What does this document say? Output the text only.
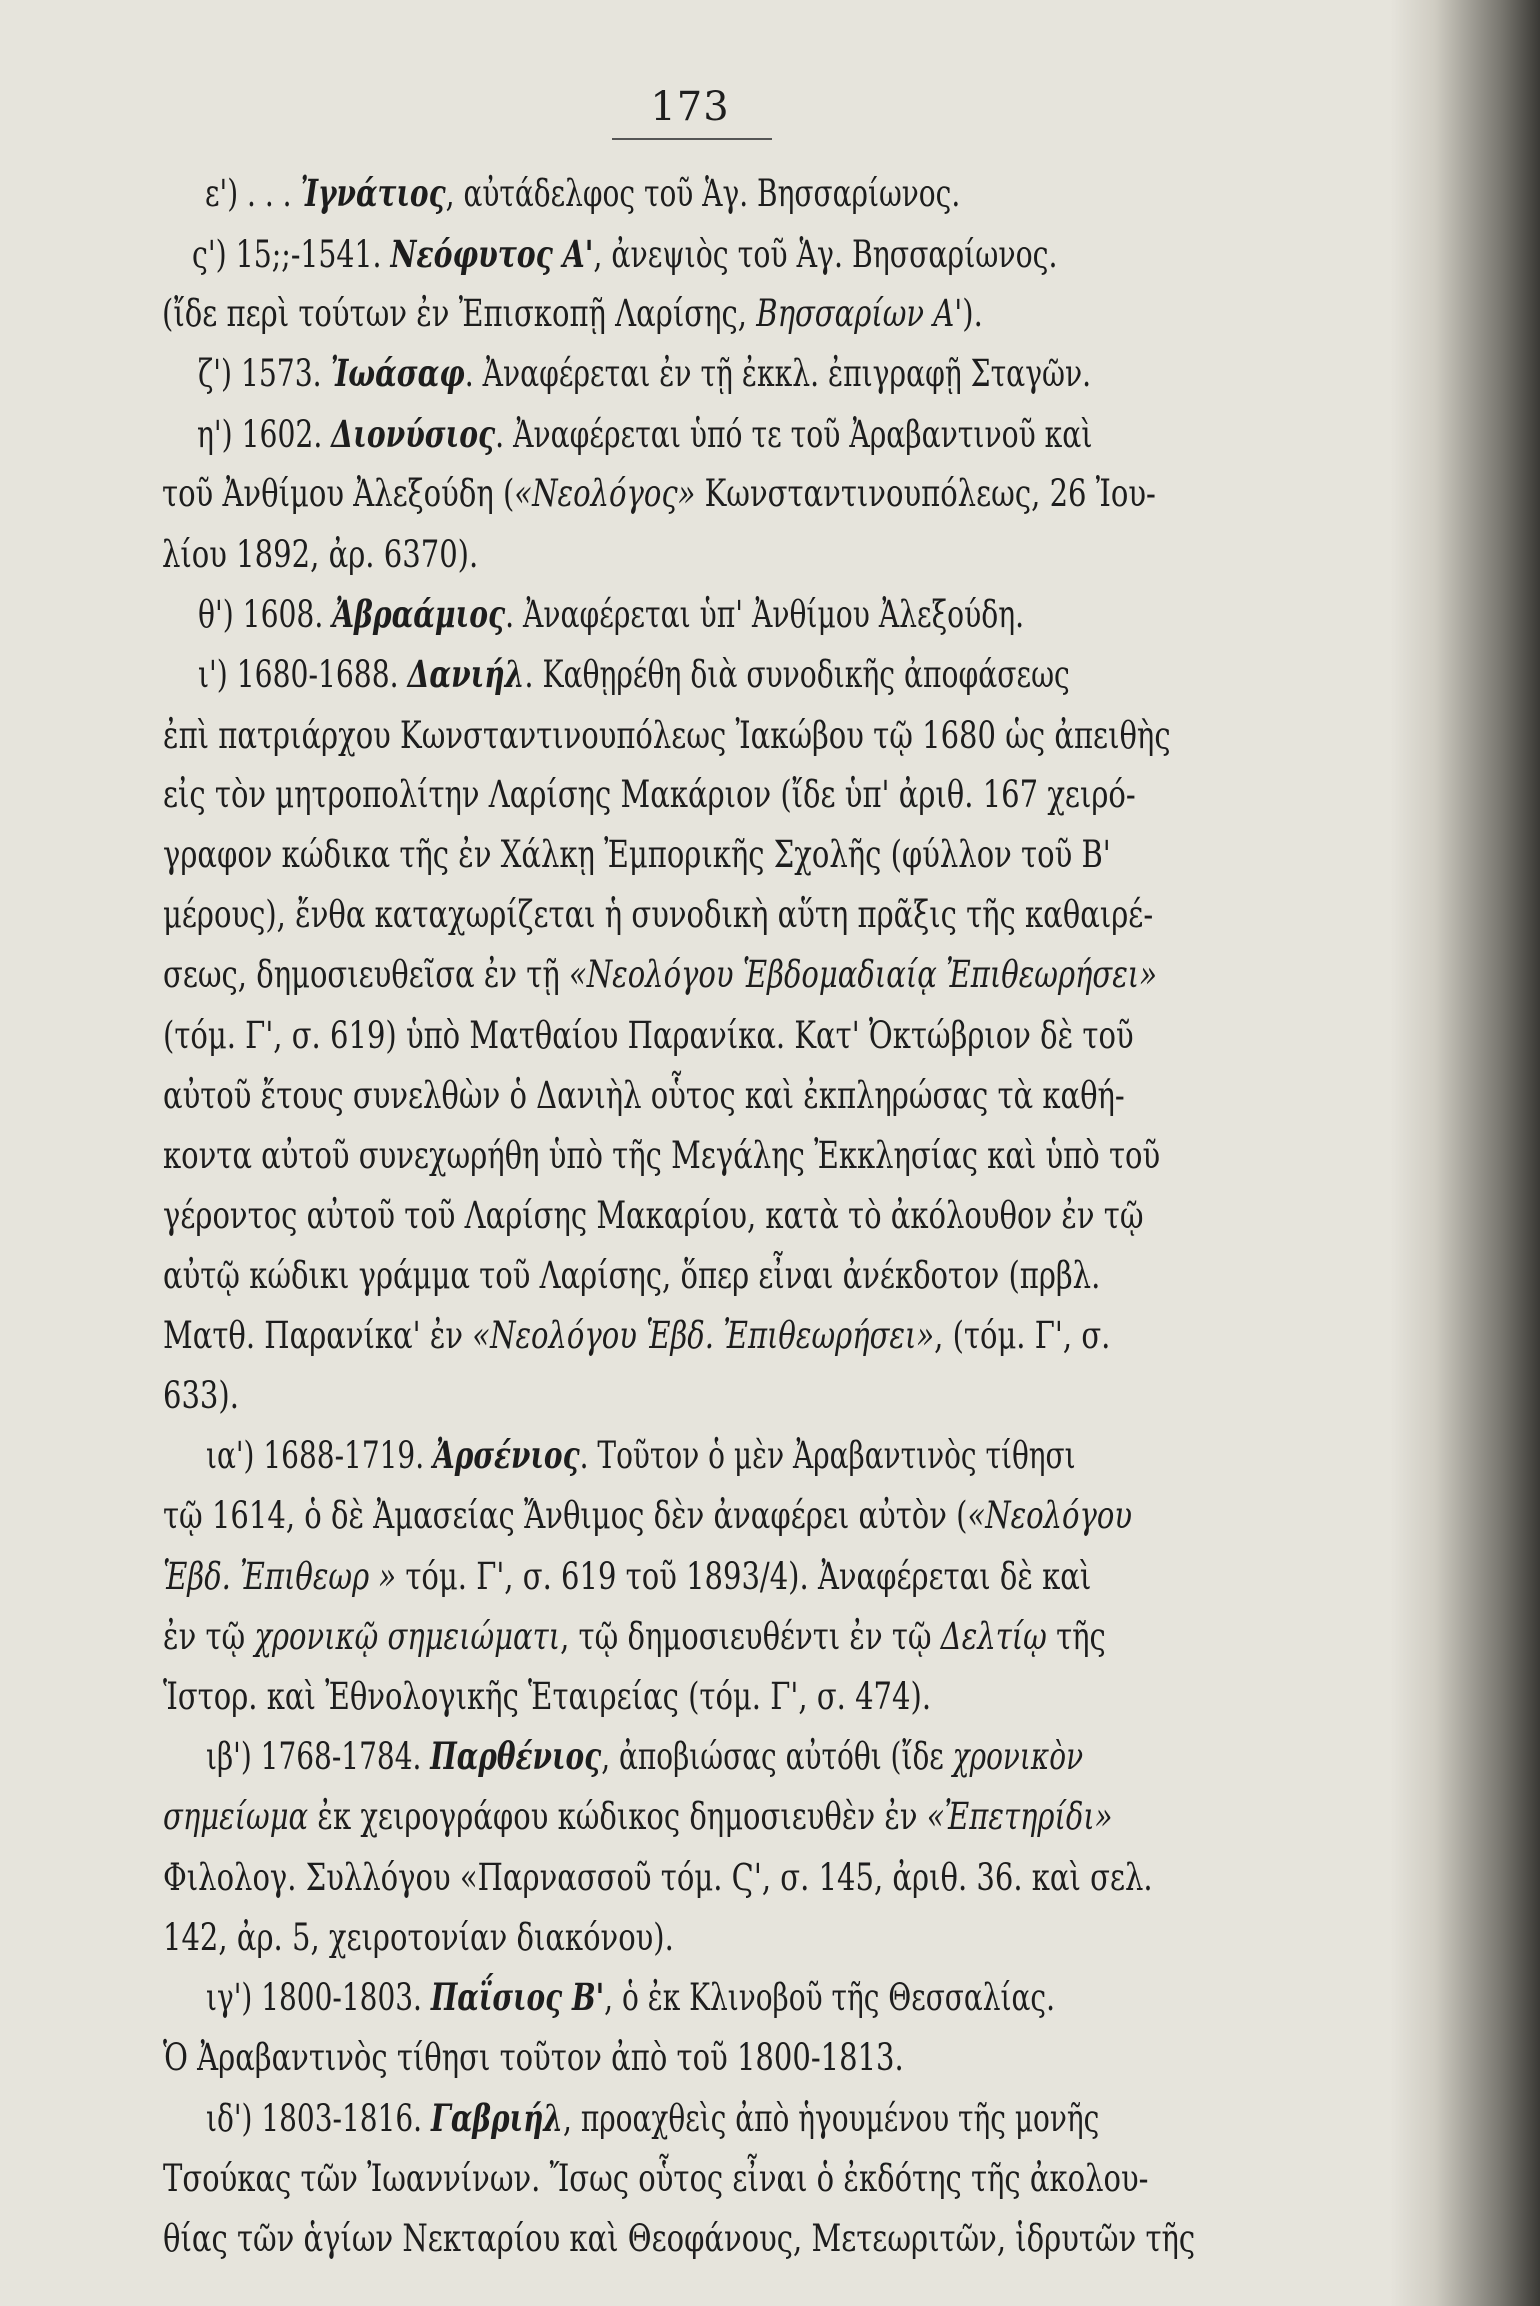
173
ε') . . . Ἰγνάτιος, αὐτάδελφος τοῦ Ἁγ. Βησσαρίωνος.
ς') 15;;-1541. Νεόφυτος Α', ἀνεψιὸς τοῦ Ἁγ. Βησσαρίωνος.
(ἴδε περὶ τούτων ἐν Ἐπισκοπῇ Λαρίσης, Βησσαρίων Α').
ζ') 1573. Ἰωάσαφ. Ἀναφέρεται ἐν τῇ ἐκκλ. ἐπιγραφῇ Σταγῶν.
η') 1602. Διονύσιος. Ἀναφέρεται ὑπό τε τοῦ Ἀραβαντινοῦ καὶ
τοῦ Ἀνθίμου Ἀλεξούδη («Νεολόγος» Κωνσταντινουπόλεως, 26 Ἰου-
λίου 1892, ἀρ. 6370).
θ') 1608. Ἀβραάμιος. Ἀναφέρεται ὑπ' Ἀνθίμου Ἀλεξούδη.
ι') 1680-1688. Δανιήλ. Καθῃρέθη διὰ συνοδικῆς ἀποφάσεως
ἐπὶ πατριάρχου Κωνσταντινουπόλεως Ἰακώβου τῷ 1680 ὡς ἀπειθὴς
εἰς τὸν μητροπολίτην Λαρίσης Μακάριον (ἴδε ὑπ' ἀριθ. 167 χειρό-
γραφον κώδικα τῆς ἐν Χάλκῃ Ἐμπορικῆς Σχολῆς (φύλλον τοῦ Β'
μέρους), ἔνθα καταχωρίζεται ἡ συνοδικὴ αὕτη πρᾶξις τῆς καθαιρέ-
σεως, δημοσιευθεῖσα ἐν τῇ «Νεολόγου Ἑβδομαδιαίᾳ Ἐπιθεωρήσει»
(τόμ. Γ', σ. 619) ὑπὸ Ματθαίου Παρανίκα. Κατ' Ὀκτώβριον δὲ τοῦ
αὐτοῦ ἔτους συνελθὼν ὁ Δανιὴλ οὗτος καὶ ἐκπληρώσας τὰ καθή-
κοντα αὐτοῦ συνεχωρήθη ὑπὸ τῆς Μεγάλης Ἐκκλησίας καὶ ὑπὸ τοῦ
γέροντος αὐτοῦ τοῦ Λαρίσης Μακαρίου, κατὰ τὸ ἀκόλουθον ἐν τῷ
αὐτῷ κώδικι γράμμα τοῦ Λαρίσης, ὅπερ εἶναι ἀνέκδοτον (πρβλ.
Ματθ. Παρανίκα' ἐν «Νεολόγου Ἑβδ. Ἐπιθεωρήσει», (τόμ. Γ', σ.
633).
ια') 1688-1719. Ἀρσένιος. Τοῦτον ὁ μὲν Ἀραβαντινὸς τίθησι
τῷ 1614, ὁ δὲ Ἀμασείας Ἄνθιμος δὲν ἀναφέρει αὐτὸν («Νεολόγου
Ἑβδ. Ἐπιθεωρ » τόμ. Γ', σ. 619 τοῦ 1893/4). Ἀναφέρεται δὲ καὶ
ἐν τῷ χρονικῷ σημειώματι, τῷ δημοσιευθέντι ἐν τῷ Δελτίῳ τῆς
Ἱστορ. καὶ Ἐθνολογικῆς Ἑταιρείας (τόμ. Γ', σ. 474).
ιβ') 1768-1784. Παρθένιος, ἀποβιώσας αὐτόθι (ἴδε χρονικὸν
σημείωμα ἐκ χειρογράφου κώδικος δημοσιευθὲν ἐν «Ἐπετηρίδι»
Φιλολογ. Συλλόγου «Παρνασσοῦ τόμ. Ϛ', σ. 145, ἀριθ. 36. καὶ σελ.
142, ἀρ. 5, χειροτονίαν διακόνου).
ιγ') 1800-1803. Παΐσιος Β', ὁ ἐκ Κλινοβοῦ τῆς Θεσσαλίας.
Ὁ Ἀραβαντινὸς τίθησι τοῦτον ἀπὸ τοῦ 1800-1813.
ιδ') 1803-1816. Γαβριήλ, προαχθεὶς ἀπὸ ἡγουμένου τῆς μονῆς
Τσούκας τῶν Ἰωαννίνων. Ἴσως οὗτος εἶναι ὁ ἐκδότης τῆς ἀκολου-
θίας τῶν ἁγίων Νεκταρίου καὶ Θεοφάνους, Μετεωριτῶν, ἱδρυτῶν τῆς
